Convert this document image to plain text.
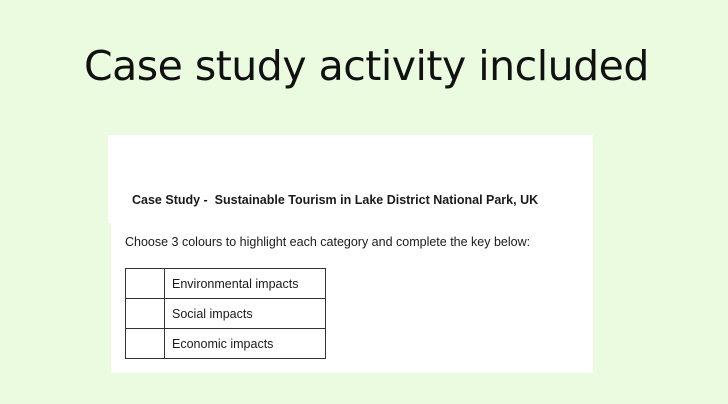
Case study activity included

Case Study -  Sustainable Tourism in Lake District National Park, UK

Choose 3 colours to highlight each category and complete the key below:

	Environmental impacts
	Social impacts
	Economic impacts
